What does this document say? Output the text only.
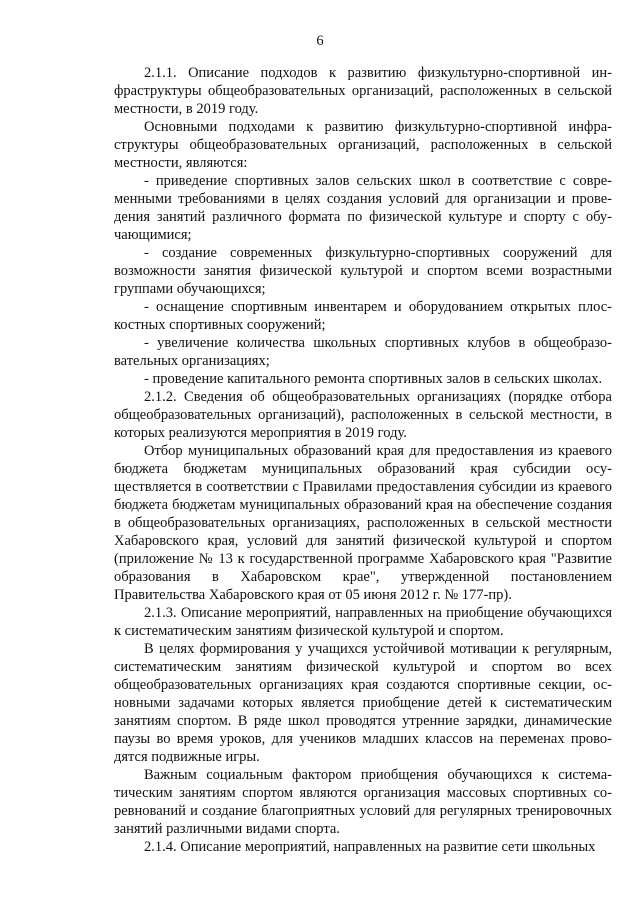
6

2.1.1. Описание подходов к развитию физкультурно-спортивной инфраструктуры общеобразовательных организаций, расположенных в сельской местности, в 2019 году.

Основными подходами к развитию физкультурно-спортивной инфраструктуры общеобразовательных организаций, расположенных в сельской местности, являются:

- приведение спортивных залов сельских школ в соответствие с современными требованиями в целях создания условий для организации и проведения занятий различного формата по физической культуре и спорту с обучающимися;

- создание современных физкультурно-спортивных сооружений для возможности занятия физической культурой и спортом всеми возрастными группами обучающихся;

- оснащение спортивным инвентарем и оборудованием открытых плоскостных спортивных сооружений;

- увеличение количества школьных спортивных клубов в общеобразовательных организациях;

- проведение капитального ремонта спортивных залов в сельских школах.

2.1.2. Сведения об общеобразовательных организациях (порядке отбора общеобразовательных организаций), расположенных в сельской местности, в которых реализуются мероприятия в 2019 году.

Отбор муниципальных образований края для предоставления из краевого бюджета бюджетам муниципальных образований края субсидии осуществляется в соответствии с Правилами предоставления субсидии из краевого бюджета бюджетам муниципальных образований края на обеспечение создания в общеобразовательных организациях, расположенных в сельской местности Хабаровского края, условий для занятий физической культурой и спортом (приложение № 13 к государственной программе Хабаровского края "Развитие образования в Хабаровском крае", утвержденной постановлением Правительства Хабаровского края от 05 июня 2012 г. № 177-пр).

2.1.3. Описание мероприятий, направленных на приобщение обучающихся к систематическим занятиям физической культурой и спортом.

В целях формирования у учащихся устойчивой мотивации к регулярным, систематическим занятиям физической культурой и спортом во всех общеобразовательных организациях края создаются спортивные секции, основными задачами которых является приобщение детей к систематическим занятиям спортом. В ряде школ проводятся утренние зарядки, динамические паузы во время уроков, для учеников младших классов на переменах проводятся подвижные игры.

Важным социальным фактором приобщения обучающихся к систематическим занятиям спортом являются организация массовых спортивных соревнований и создание благоприятных условий для регулярных тренировочных занятий различными видами спорта.

2.1.4. Описание мероприятий, направленных на развитие сети школьных
